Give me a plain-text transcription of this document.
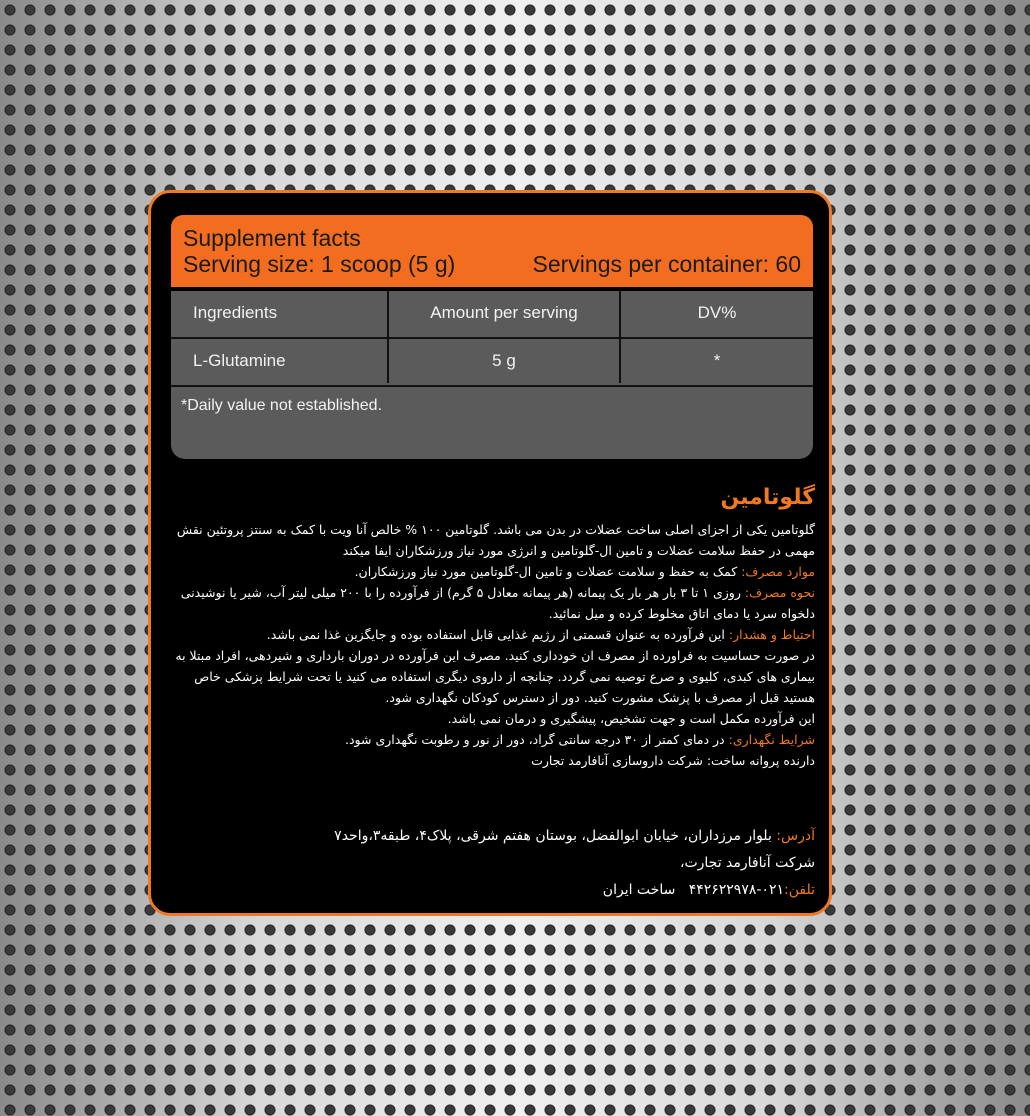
Supplement facts
Serving size: 1 scoop (5 g)	Servings per container: 60
Ingredients	Amount per serving	DV%
L-Glutamine	5 g	*
*Daily value not established.
گلوتامین

گلوتامین یکی از اجزای اصلی ساخت عضلات در بدن می باشد. گلوتامین ۱۰۰ % خالص آنا ویت با کمک به سنتز پروتئین نقش مهمی در حفظ سلامت عضلات و تامین ال-گلوتامین و انرژی مورد نیاز ورزشکاران ایفا میکند

موارد مصرف: کمک به حفظ و سلامت عضلات و تامین ال-گلوتامین مورد نیاز ورزشکاران.

نحوه مصرف: روزی ۱ تا ۳ بار هر بار یک پیمانه (هر پیمانه معادل ۵ گرم) از فرآورده را با ۲۰۰ میلی لیتر آب، شیر یا نوشیدنی دلخواه سرد یا دمای اتاق مخلوط کرده و میل نمائید.

احتیاط و هشدار: این فرآورده به عنوان قسمتی از رژیم غذایی قابل استفاده بوده و جایگزین غذا نمی باشد.

در صورت حساسیت به فراورده از مصرف ان خودداری کنید. مصرف این فرآورده در دوران بارداری و شیردهی، افراد مبتلا به بیماری های کبدی، کلیوی و صرع توصیه نمی گردد. چنانچه از داروی دیگری استفاده می کنید یا تحت شرایط پزشکی خاص هستید قبل از مصرف با پزشک مشورت کنید. دور از دسترس کودکان نگهداری شود.

این فرآورده مکمل است و جهت تشخیص، پیشگیری و درمان نمی باشد.

شرایط نگهداری: در دمای کمتر از ۳۰ درجه سانتی گراد، دور از نور و رطوبت نگهداری شود.

دارنده پروانه ساخت: شرکت داروسازی آنافارمد تجارت

آدرس: بلوار مرزداران، خیابان ابوالفضل، بوستان هفتم شرقی، پلاک۴، طبقه۳،واحد۷
شرکت آنافارمد تجارت،
تلفن:۰۲۱-۴۴۲۶۲۲۹۷۸   ساخت ایران
